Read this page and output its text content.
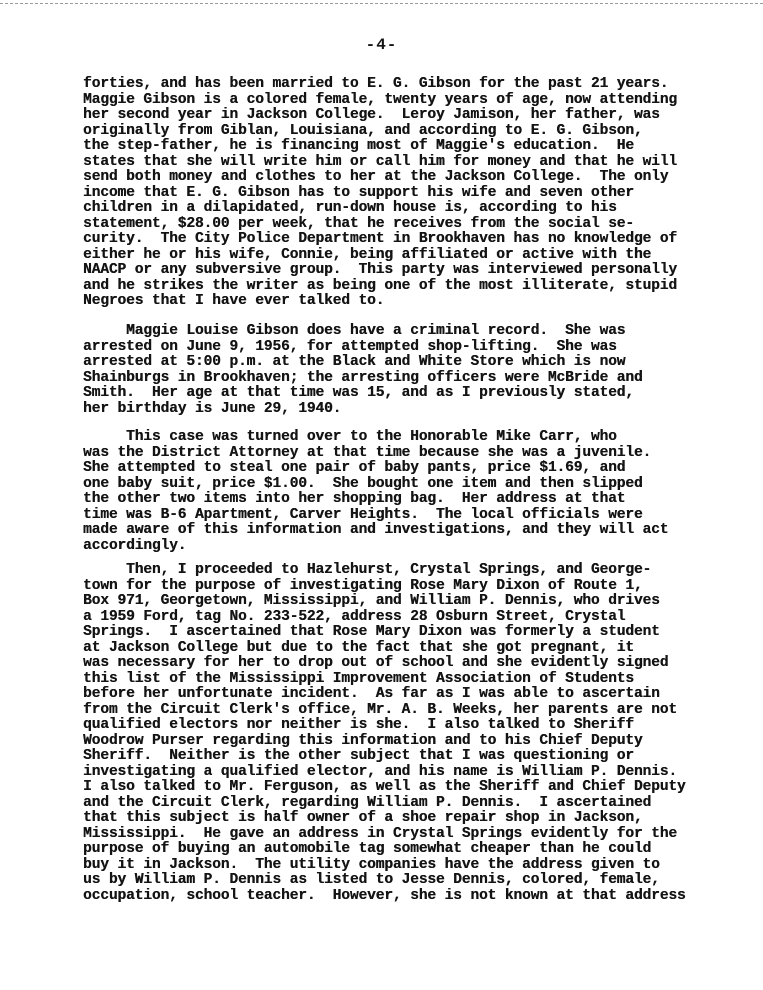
-4-
forties, and has been married to E. G. Gibson for the past 21 years.
Maggie Gibson is a colored female, twenty years of age, now attending
her second year in Jackson College.  Leroy Jamison, her father, was
originally from Giblan, Louisiana, and according to E. G. Gibson,
the step-father, he is financing most of Maggie's education.  He
states that she will write him or call him for money and that he will
send both money and clothes to her at the Jackson College.  The only
income that E. G. Gibson has to support his wife and seven other
children in a dilapidated, run-down house is, according to his
statement, $28.00 per week, that he receives from the social se-
curity.  The City Police Department in Brookhaven has no knowledge of
either he or his wife, Connie, being affiliated or active with the
NAACP or any subversive group.  This party was interviewed personally
and he strikes the writer as being one of the most illiterate, stupid
Negroes that I have ever talked to.
Maggie Louise Gibson does have a criminal record.  She was
arrested on June 9, 1956, for attempted shop-lifting.  She was
arrested at 5:00 p.m. at the Black and White Store which is now
Shainburgs in Brookhaven; the arresting officers were McBride and
Smith.  Her age at that time was 15, and as I previously stated,
her birthday is June 29, 1940.
This case was turned over to the Honorable Mike Carr, who
was the District Attorney at that time because she was a juvenile.
She attempted to steal one pair of baby pants, price $1.69, and
one baby suit, price $1.00.  She bought one item and then slipped
the other two items into her shopping bag.  Her address at that
time was B-6 Apartment, Carver Heights.  The local officials were
made aware of this information and investigations, and they will act
accordingly.
Then, I proceeded to Hazlehurst, Crystal Springs, and George-
town for the purpose of investigating Rose Mary Dixon of Route 1,
Box 971, Georgetown, Mississippi, and William P. Dennis, who drives
a 1959 Ford, tag No. 233-522, address 28 Osburn Street, Crystal
Springs.  I ascertained that Rose Mary Dixon was formerly a student
at Jackson College but due to the fact that she got pregnant, it
was necessary for her to drop out of school and she evidently signed
this list of the Mississippi Improvement Association of Students
before her unfortunate incident.  As far as I was able to ascertain
from the Circuit Clerk's office, Mr. A. B. Weeks, her parents are not
qualified electors nor neither is she.  I also talked to Sheriff
Woodrow Purser regarding this information and to his Chief Deputy
Sheriff.  Neither is the other subject that I was questioning or
investigating a qualified elector, and his name is William P. Dennis.
I also talked to Mr. Ferguson, as well as the Sheriff and Chief Deputy
and the Circuit Clerk, regarding William P. Dennis.  I ascertained
that this subject is half owner of a shoe repair shop in Jackson,
Mississippi.  He gave an address in Crystal Springs evidently for the
purpose of buying an automobile tag somewhat cheaper than he could
buy it in Jackson.  The utility companies have the address given to
us by William P. Dennis as listed to Jesse Dennis, colored, female,
occupation, school teacher.  However, she is not known at that address
